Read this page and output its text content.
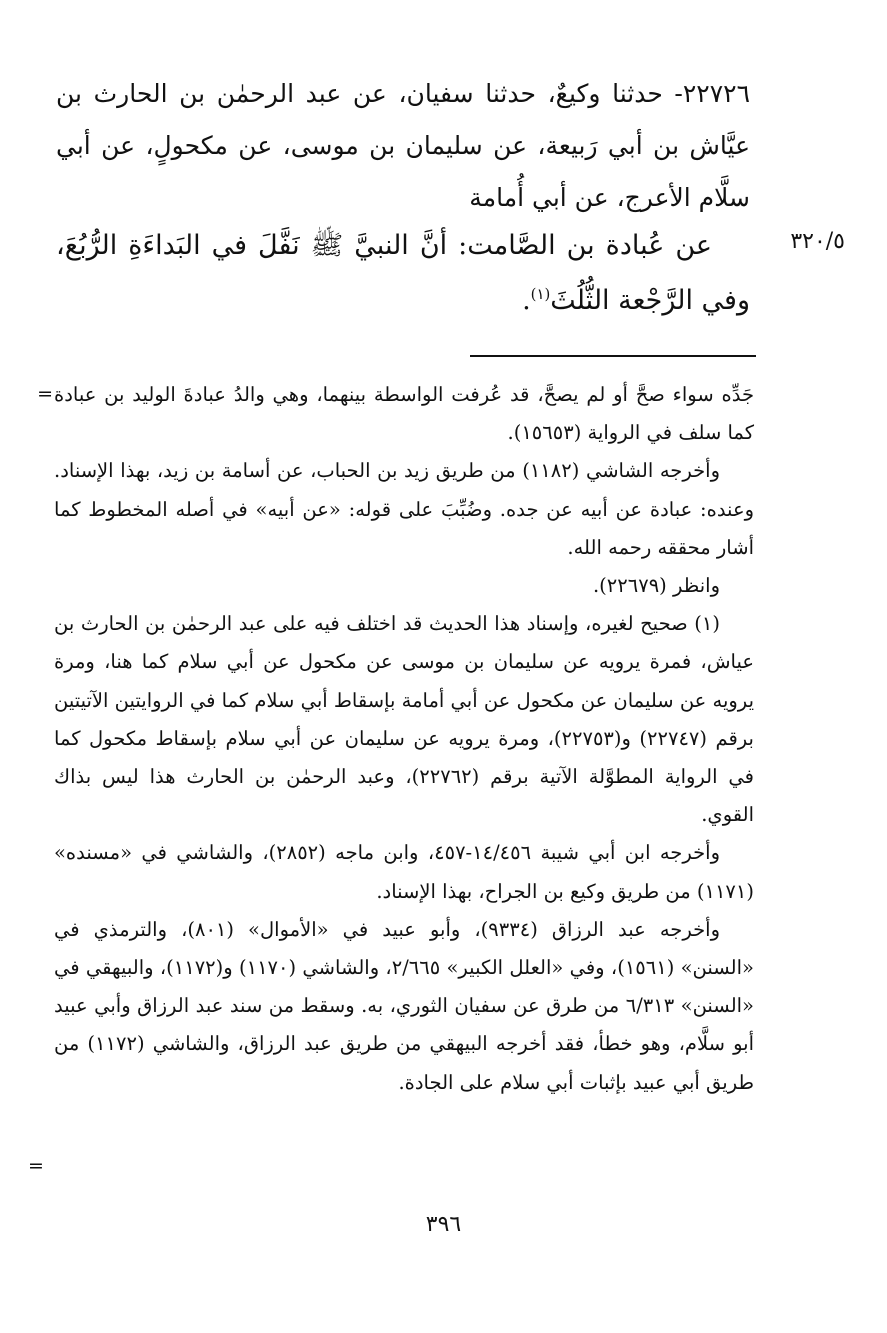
٢٢٧٢٦- حدثنا وكيعٌ، حدثنا سفيان، عن عبد الرحمٰن بن الحارث بن عيَّاش بن أبي رَبيعة، عن سليمان بن موسى، عن مكحولٍ، عن أبي سلَّام الأعرج، عن أبي أُمامة

٣٢٠/٥

عن عُبادة بن الصَّامت: أنَّ النبيَّ ﷺ نَفَّلَ في البَداءَةِ الرُّبُعَ، وفي الرَّجْعة الثُّلُثَ$^{(١)}$.

= جَدِّه سواء صحَّ أو لم يصحَّ، قد عُرفت الواسطة بينهما، وهي والدُ عبادةَ الوليد بن عبادة كما سلف في الرواية (١٥٦٥٣).

وأخرجه الشاشي (١١٨٢) من طريق زيد بن الحباب، عن أسامة بن زيد، بهذا الإسناد. وعنده: عبادة عن أبيه عن جده. وضُبِّبَ على قوله: «عن أبيه» في أصله المخطوط كما أشار محققه رحمه الله.

وانظر (٢٢٦٧٩).

(١) صحيح لغيره، وإسناد هذا الحديث قد اختلف فيه على عبد الرحمٰن بن الحارث بن عياش، فمرة يرويه عن سليمان بن موسى عن مكحول عن أبي سلام كما هنا، ومرة يرويه عن سليمان عن مكحول عن أبي أمامة بإسقاط أبي سلام كما في الروايتين الآتيتين برقم (٢٢٧٤٧) و(٢٢٧٥٣)، ومرة يرويه عن سليمان عن أبي سلام بإسقاط مكحول كما في الرواية المطوَّلة الآتية برقم (٢٢٧٦٢)، وعبد الرحمٰن بن الحارث هذا ليس بذاك القوي.

وأخرجه ابن أبي شيبة ١٤/٤٥٦-٤٥٧، وابن ماجه (٢٨٥٢)، والشاشي في «مسنده» (١١٧١) من طريق وكيع بن الجراح، بهذا الإسناد.

وأخرجه عبد الرزاق (٩٣٣٤)، وأبو عبيد في «الأموال» (٨٠١)، والترمذي في «السنن» (١٥٦١)، وفي «العلل الكبير» ٢/٦٦٥، والشاشي (١١٧٠) و(١١٧٢)، والبيهقي في «السنن» ٦/٣١٣ من طرق عن سفيان الثوري، به. وسقط من سند عبد الرزاق وأبي عبيد أبو سلَّام، وهو خطأ، فقد أخرجه البيهقي من طريق عبد الرزاق، والشاشي (١١٧٢) من طريق أبي عبيد بإثبات أبي سلام على الجادة.

=
٣٩٦
